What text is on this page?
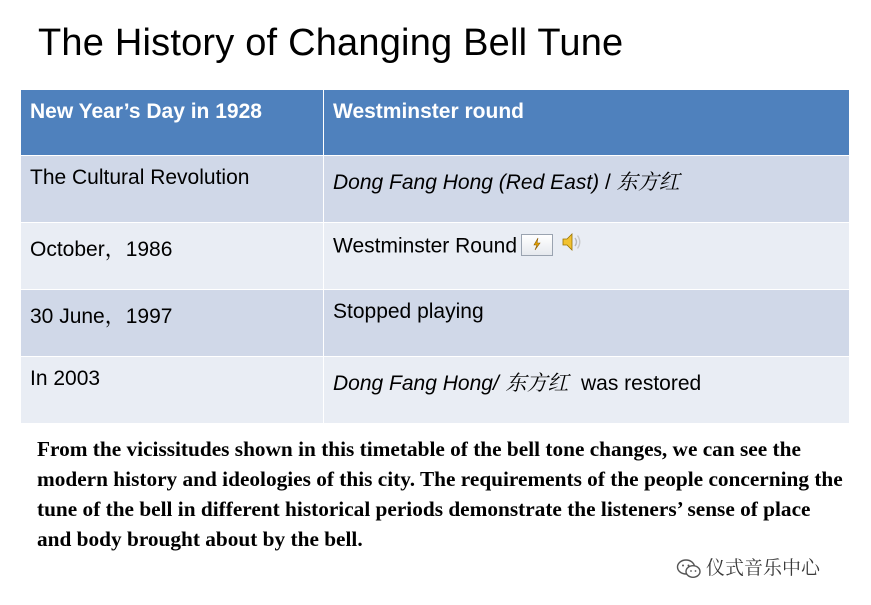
The History of Changing Bell Tune
New Year’s Day in 1928	Westminster round
The Cultural Revolution	Dong Fang Hong (Red East) / 东方红
October，1986	Westminster Round

30 June，1997	Stopped playing
In 2003	Dong Fang Hong/ 东方红  was restored
From the vicissitudes shown in this timetable of the bell tone changes, we can see the modern history and ideologies of this city. The requirements of the people concerning the tune of the bell in different historical periods demonstrate the listeners’ sense of place and body brought about by the bell.
仪式音乐中心
